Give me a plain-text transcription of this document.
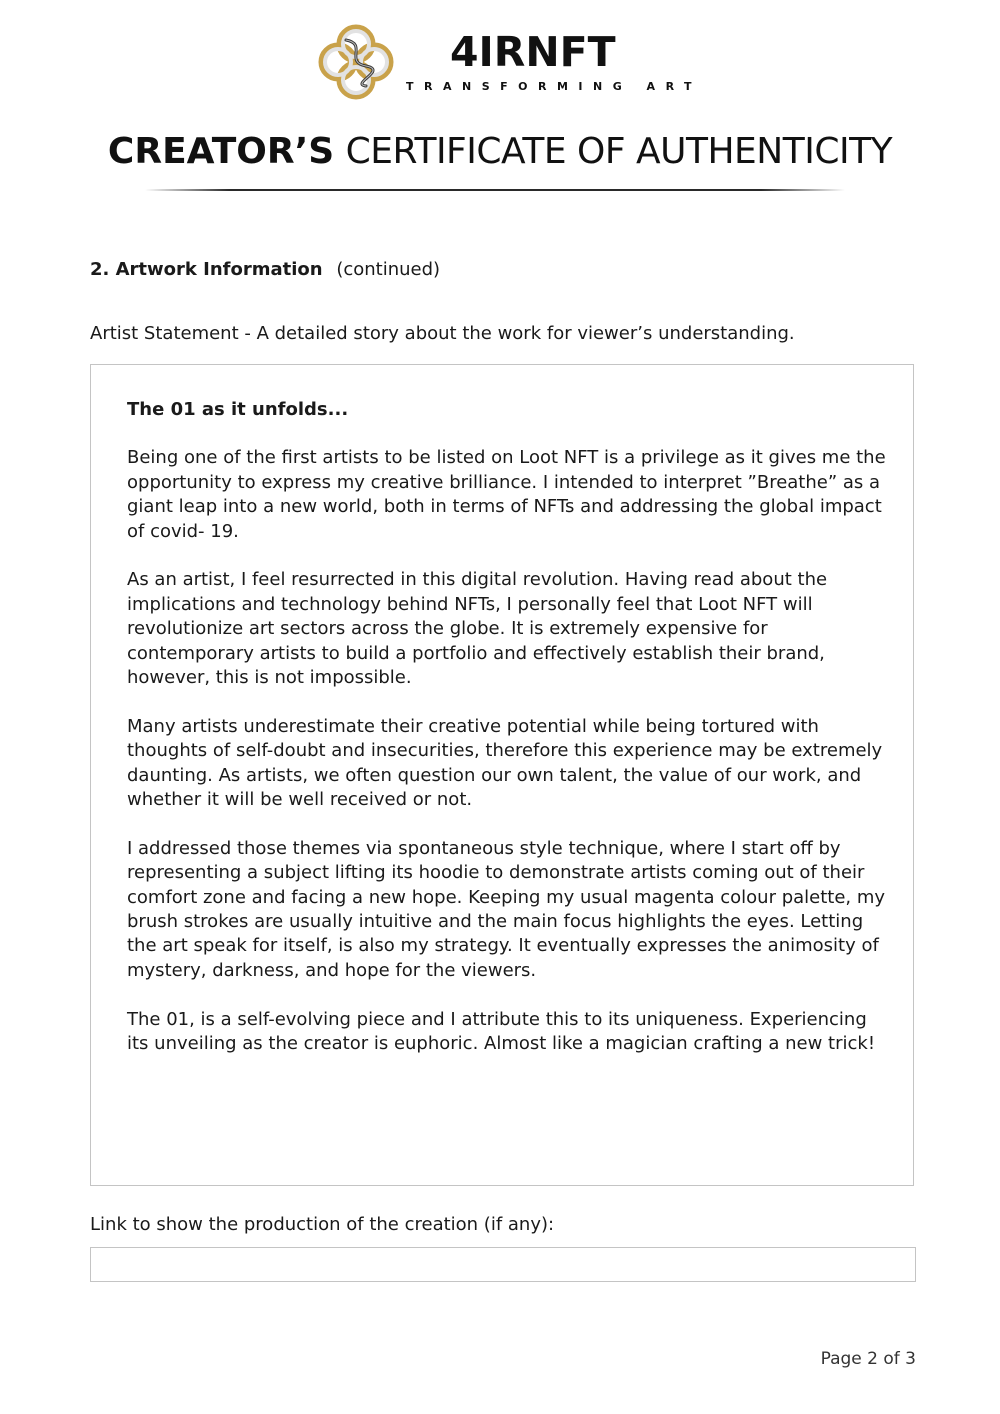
4IRNFT
TRANSFORMING ART
CREATOR’S CERTIFICATE OF AUTHENTICITY
2. Artwork Information (continued)
Artist Statement - A detailed story about the work for viewer’s understanding.
The 01 as it unfolds...

Being one of the first artists to be listed on Loot NFT is a privilege as it gives me the opportunity to express my creative brilliance. I intended to interpret ”Breathe” as a giant leap into a new world, both in terms of NFTs and addressing the global impact of covid- 19.

As an artist, I feel resurrected in this digital revolution. Having read about the implications and technology behind NFTs, I personally feel that Loot NFT will revolutionize art sectors across the globe. It is extremely expensive for contemporary artists to build a portfolio and effectively establish their brand, however, this is not impossible.

Many artists underestimate their creative potential while being tortured with thoughts of self-doubt and insecurities, therefore this experience may be extremely daunting. As artists, we often question our own talent, the value of our work, and whether it will be well received or not.

I addressed those themes via spontaneous style technique, where I start off by representing a subject lifting its hoodie to demonstrate artists coming out of their comfort zone and facing a new hope. Keeping my usual magenta colour palette, my brush strokes are usually intuitive and the main focus highlights the eyes. Letting the art speak for itself, is also my strategy. It eventually expresses the animosity of mystery, darkness, and hope for the viewers.

The 01, is a self-evolving piece and I attribute this to its uniqueness. Experiencing its unveiling as the creator is euphoric. Almost like a magician crafting a new trick!

Link to show the production of the creation (if any):
Page 2 of 3
